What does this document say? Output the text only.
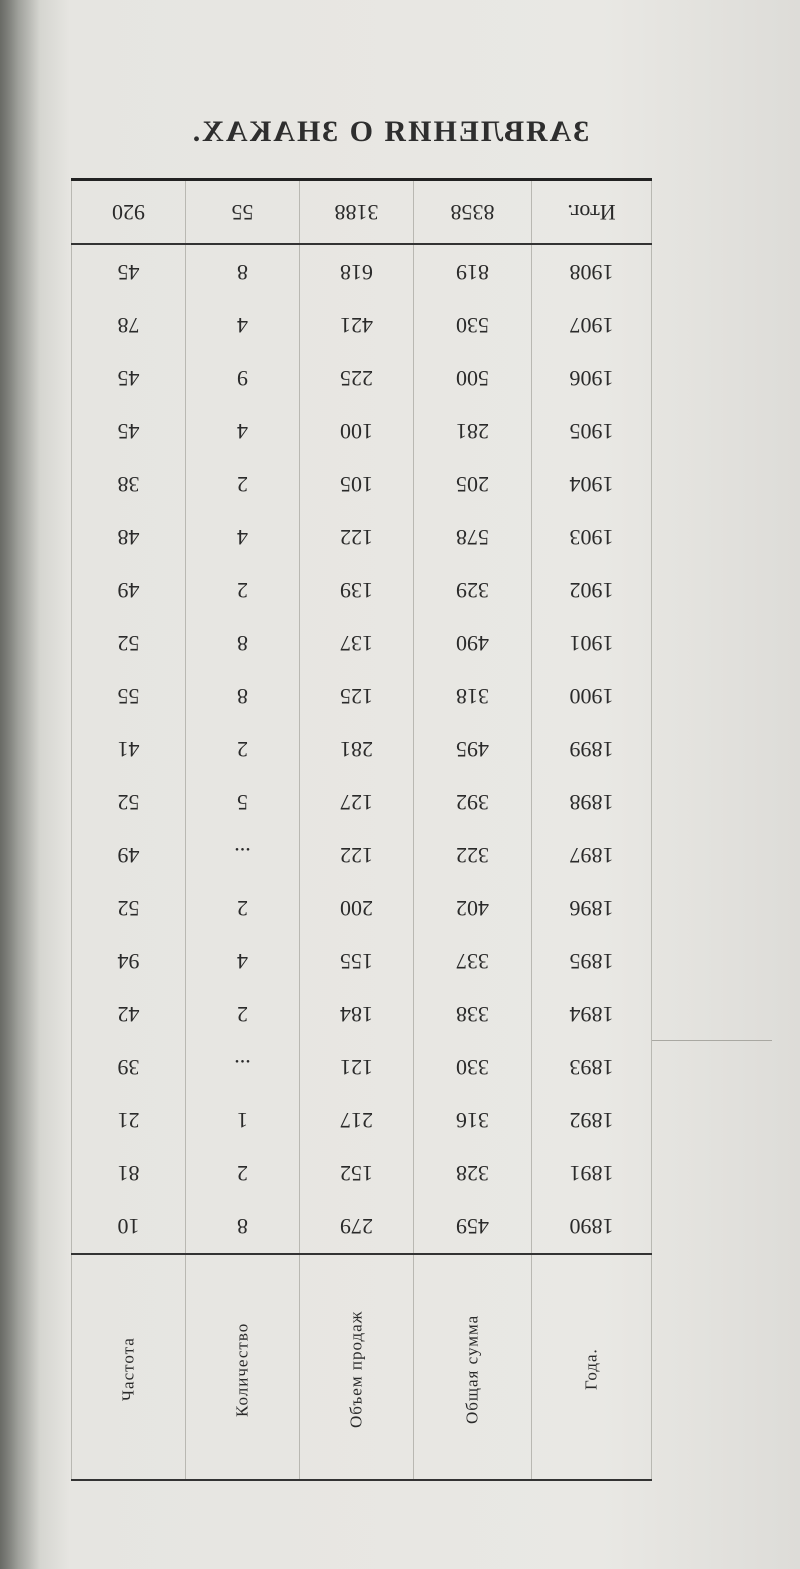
ЗАЯВЛЕНИЯ О ЗНАКАХ.
Года.	Общая сумма	Объем продаж	Количество	Частота
1890	459	279	8	10
1891	328	152	2	81
1892	316	217	1	21
1893	330	121	...	39
1894	338	184	2	42
1895	337	155	4	94
1896	402	200	2	52
1897	322	122	...	49
1898	392	127	5	52
1899	495	281	2	41
1900	318	125	8	55
1901	490	137	8	52
1902	329	139	2	49
1903	578	122	4	48
1904	205	105	2	38
1905	281	100	4	45
1906	500	225	9	45
1907	530	421	4	78
1908	819	618	8	45
Итог.	8358	3188	55	920
